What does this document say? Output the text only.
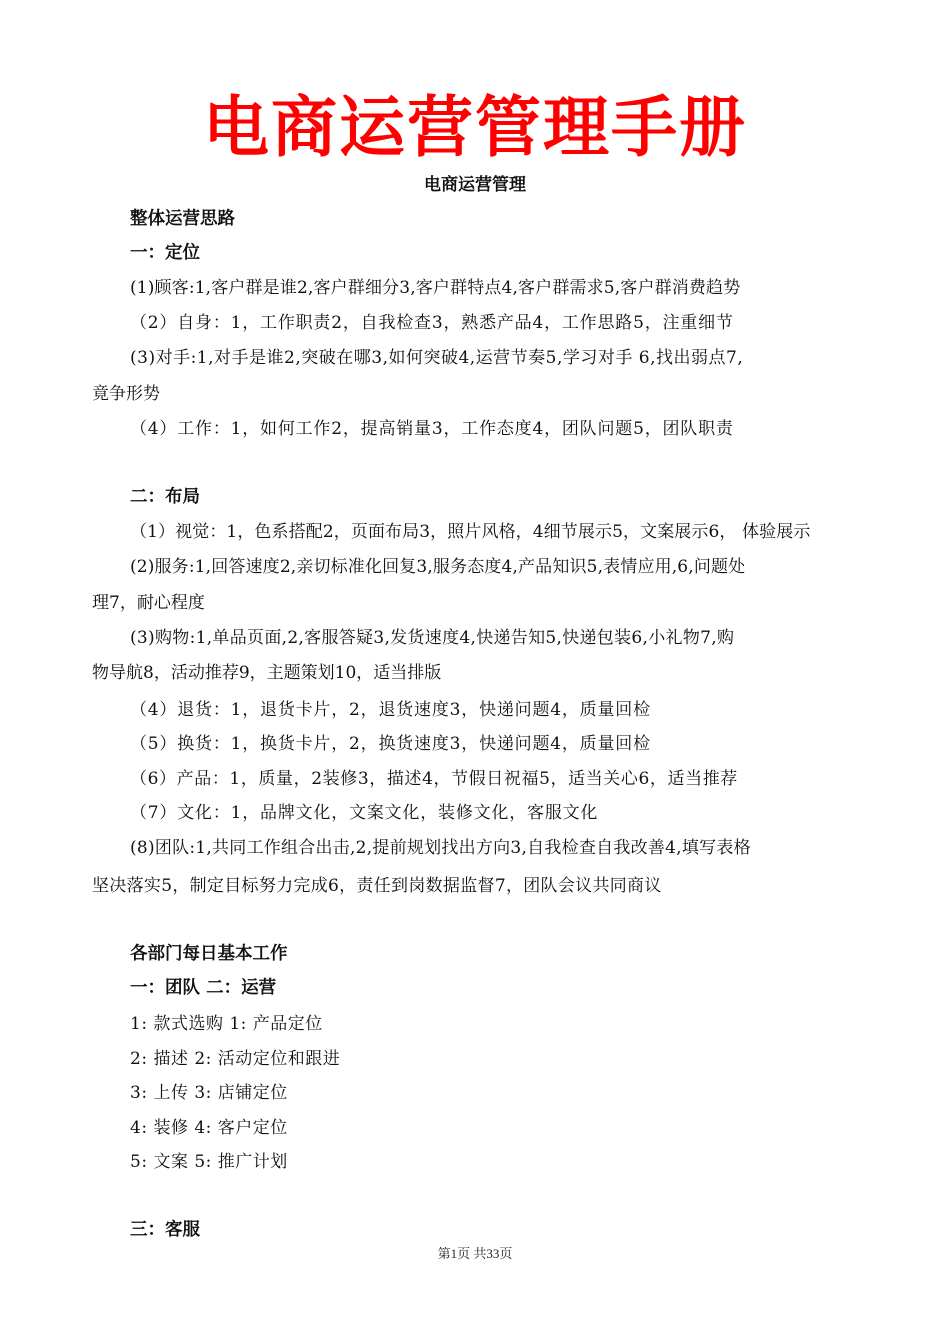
电商运营管理手册
电商运营管理
整体运营思路
一：定位
(1)顾客:1,客户群是谁2,客户群细分3,客户群特点4,客户群需求5,客户群消费趋势
（2）自身：1，工作职责2，自我检查3，熟悉产品4，工作思路5，注重细节
(3)对手:1,对手是谁2,突破在哪3,如何突破4,运营节奏5,学习对手 6,找出弱点7,
竟争形势
（4）工作：1，如何工作2，提高销量3，工作态度4，团队问题5，团队职责
二：布局
（1）视觉：1，色系搭配2，页面布局3，照片风格，4细节展示5，文案展示6， 体验展示
(2)服务:1,回答速度2,亲切标准化回复3,服务态度4,产品知识5,表情应用,6,问题处
理7，耐心程度
(3)购物:1,单品页面,2,客服答疑3,发货速度4,快递告知5,快递包装6,小礼物7,购
物导航8，活动推荐9，主题策划10，适当排版
（4）退货：1，退货卡片，2，退货速度3，快递问题4，质量回检
（5）换货：1，换货卡片，2，换货速度3，快递问题4，质量回检
（6）产品：1，质量，2装修3，描述4，节假日祝福5，适当关心6，适当推荐
（7）文化：1，品牌文化，文案文化，装修文化，客服文化
(8)团队:1,共同工作组合出击,2,提前规划找出方向3,自我检查自我改善4,填写表格
坚决落实5，制定目标努力完成6，责任到岗数据监督7，团队会议共同商议
各部门每日基本工作
一：团队 二：运营
1: 款式选购 1: 产品定位
2: 描述 2: 活动定位和跟进
3: 上传 3: 店铺定位
4: 装修 4: 客户定位
5: 文案 5: 推广计划
三：客服
第1页 共33页
